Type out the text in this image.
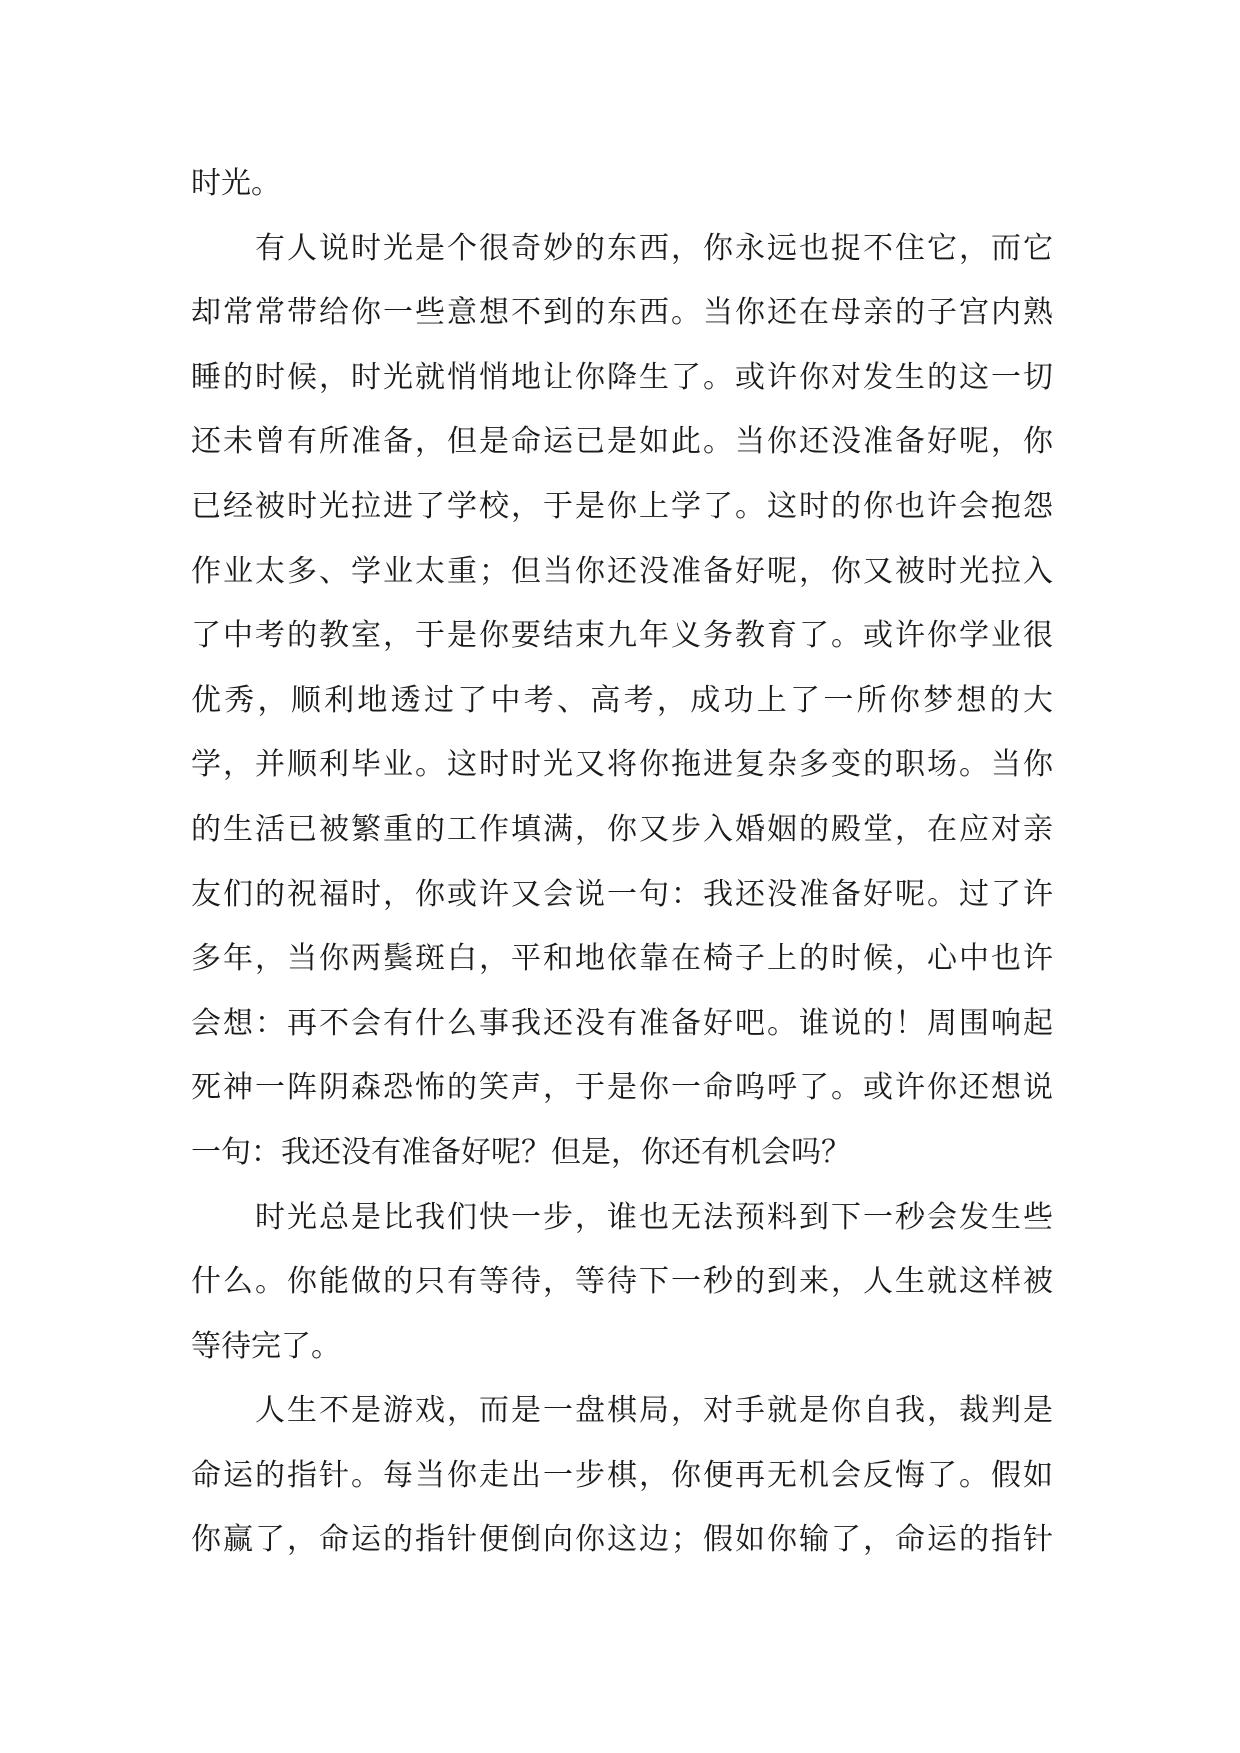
时光。
有人说时光是个很奇妙的东西，你永远也捉不住它，而它
却常常带给你一些意想不到的东西。当你还在母亲的子宫内熟
睡的时候，时光就悄悄地让你降生了。或许你对发生的这一切
还未曾有所准备，但是命运已是如此。当你还没准备好呢，你
已经被时光拉进了学校，于是你上学了。这时的你也许会抱怨
作业太多、学业太重；但当你还没准备好呢，你又被时光拉入
了中考的教室，于是你要结束九年义务教育了。或许你学业很
优秀，顺利地透过了中考、高考，成功上了一所你梦想的大
学，并顺利毕业。这时时光又将你拖进复杂多变的职场。当你
的生活已被繁重的工作填满，你又步入婚姻的殿堂，在应对亲
友们的祝福时，你或许又会说一句：我还没准备好呢。过了许
多年，当你两鬓斑白，平和地依靠在椅子上的时候，心中也许
会想：再不会有什么事我还没有准备好吧。谁说的！周围响起
死神一阵阴森恐怖的笑声，于是你一命呜呼了。或许你还想说
一句：我还没有准备好呢？但是，你还有机会吗？
时光总是比我们快一步，谁也无法预料到下一秒会发生些
什么。你能做的只有等待，等待下一秒的到来，人生就这样被
等待完了。
人生不是游戏，而是一盘棋局，对手就是你自我，裁判是
命运的指针。每当你走出一步棋，你便再无机会反悔了。假如
你赢了，命运的指针便倒向你这边；假如你输了，命运的指针
